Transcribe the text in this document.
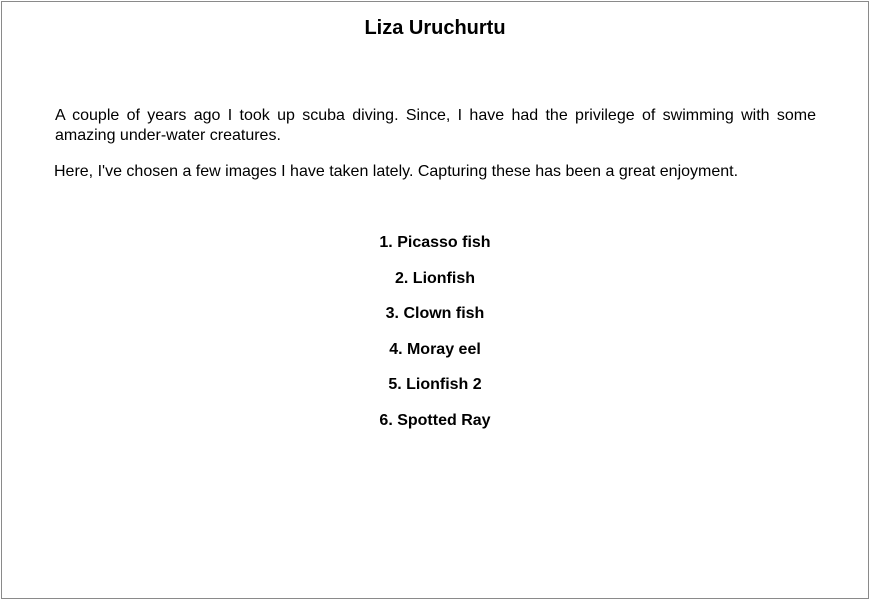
Liza Uruchurtu

A couple of years ago I took up scuba diving. Since, I have had the privilege of swimming with some amazing under-water creatures.

Here, I've chosen a few images I have taken lately. Capturing these has been a great enjoyment.

1. Picasso fish
2. Lionfish
3. Clown fish
4. Moray eel
5. Lionfish 2
6. Spotted Ray
